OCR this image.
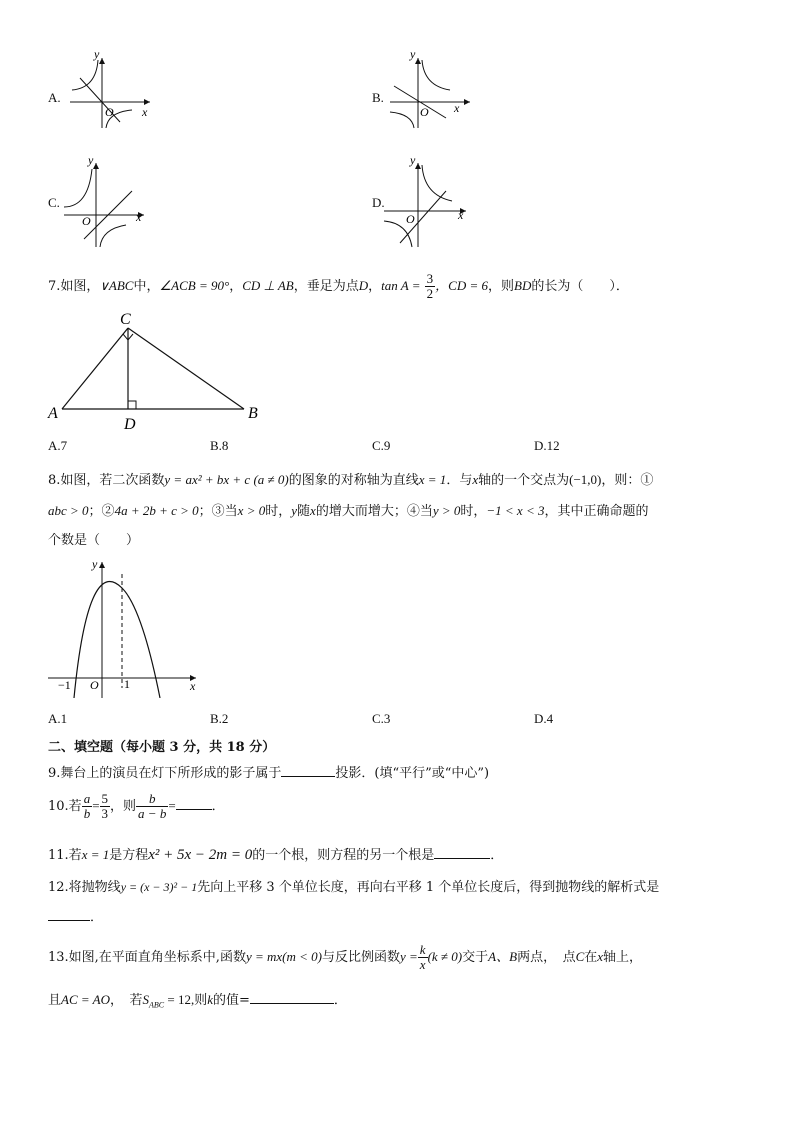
A.
y
x
O
B.
y
x
O
C.
y
x
O
D.
y
x
O
7.如图，∨ABC中，∠ACB = 90°，CD ⊥ AB，垂足为点D，$\tan A = \frac{3}{2}$ ，CD = 6，则BD的长为（　　）．
C
A	B
D
A.7	B.8	C.9	D.12
8.如图，若二次函数y = ax² + bx + c (a ≠ 0)的图象的对称轴为直线x = 1．与x轴的一个交点为(−1,0)，则：①
abc > 0；②4a + 2b + c > 0；③当x > 0时，y随x的增大而增大；④当y > 0时，−1 < x < 3，其中正确命题的
个数是（　　）
y
x
O
−1	1
A.1	B.2	C.3	D.4
二、填空题（每小题 3 分，共 18 分）
9.舞台上的演员在灯下所形成的影子属于	投影．(填“平行”或“中心”)
10.若 $\frac{a}{b} = \frac{5}{3}$ ，则 $\frac{b}{a - b}$ =	．
11.若x = 1是方程x² + 5x − 2m = 0的一个根，则方程的另一个根是	．
12.将抛物线y = (x − 3)² − 1先向上平移 3 个单位长度，再向右平移 1 个单位长度后，得到抛物线的解析式是
．
13.如图,在平面直角坐标系中,函数y = mx(m < 0)与反比例函数$y = \frac{k}{x} (k \ne 0)$交于A、B两点，　点C在x轴上，
且AC = AO，　若$S_{ABC} = 12$,则k的值=	．
